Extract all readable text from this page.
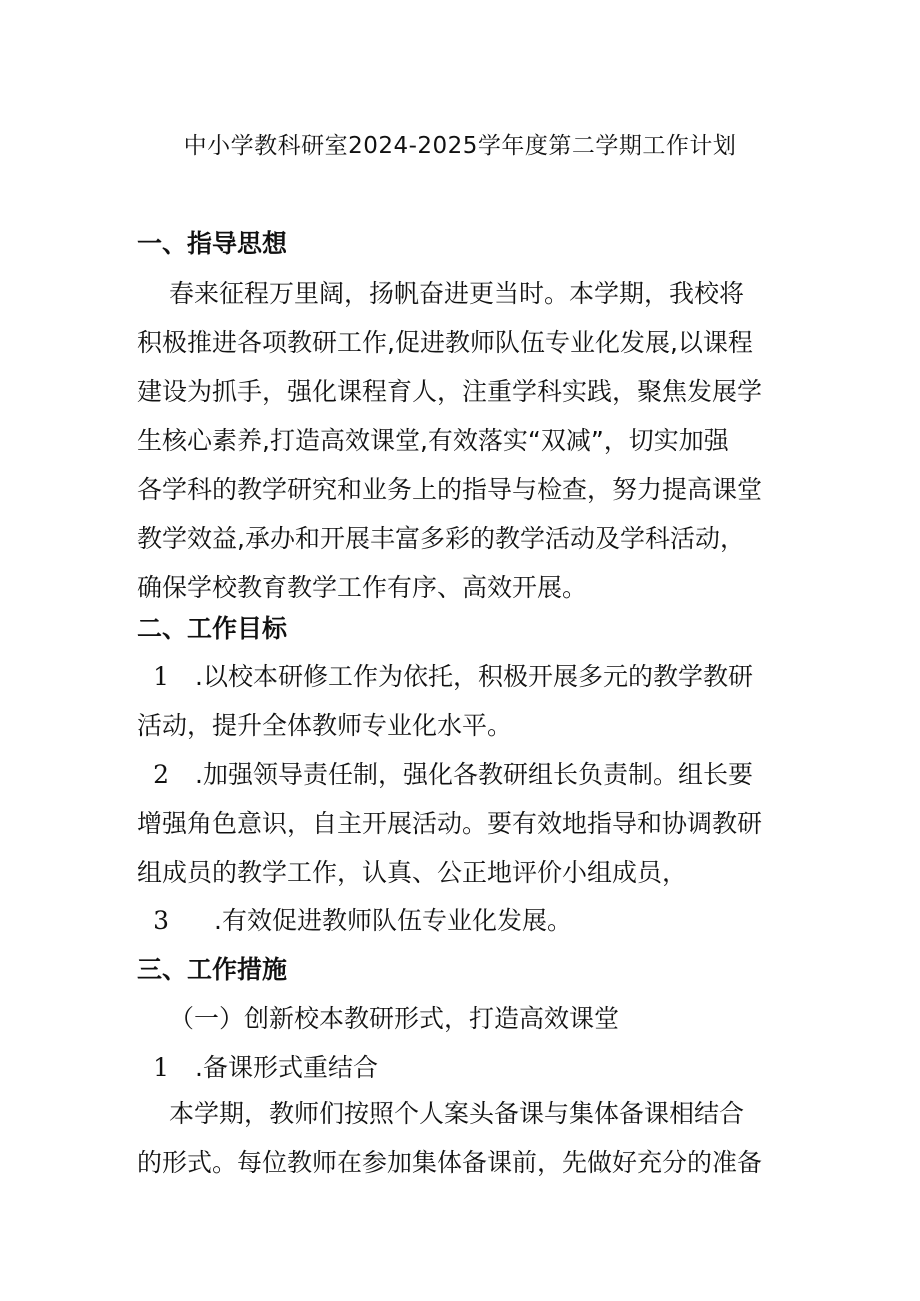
中小学教科研室2024-2025学年度第二学期工作计划
一、指导思想
春来征程万里阔，扬帆奋进更当时。本学期，我校将
积极推进各项教研工作,促进教师队伍专业化发展,以课程
建设为抓手，强化课程育人，注重学科实践，聚焦发展学
生核心素养,打造高效课堂,有效落实“双减”，切实加强
各学科的教学研究和业务上的指导与检查，努力提高课堂
教学效益,承办和开展丰富多彩的教学活动及学科活动，
确保学校教育教学工作有序、高效开展。
二、工作目标
1 .以校本研修工作为依托，积极开展多元的教学教研
活动，提升全体教师专业化水平。
2 .加强领导责任制，强化各教研组长负责制。组长要
增强角色意识，自主开展活动。要有效地指导和协调教研
组成员的教学工作，认真、公正地评价小组成员，
3 .有效促进教师队伍专业化发展。
三、工作措施
（一）创新校本教研形式，打造高效课堂
1 .备课形式重结合
本学期，教师们按照个人案头备课与集体备课相结合
的形式。每位教师在参加集体备课前，先做好充分的准备
